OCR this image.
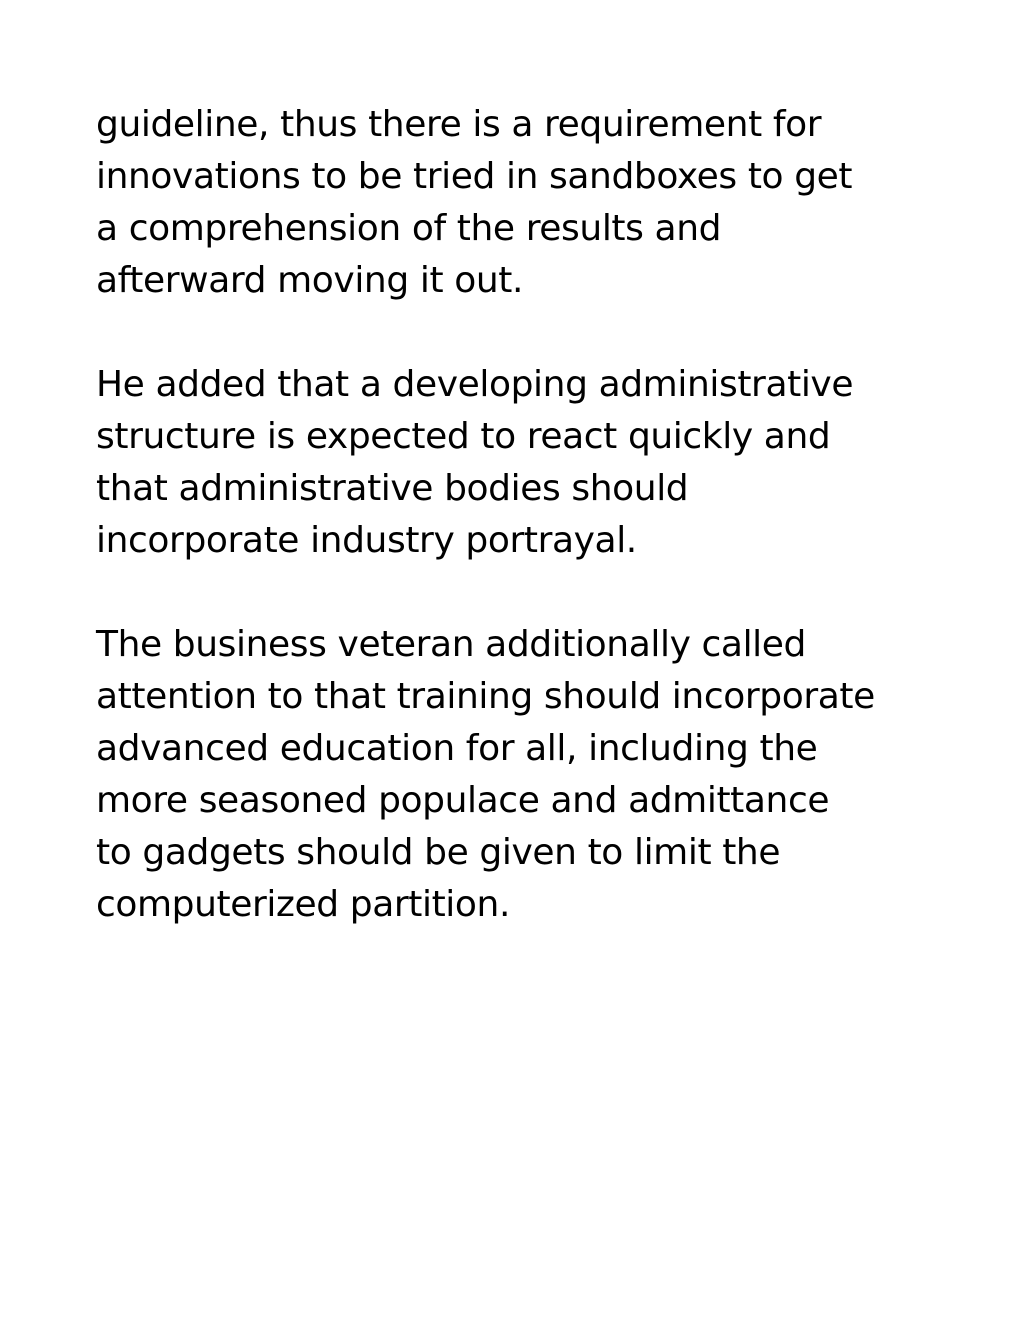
guideline, thus there is a requirement for
innovations to be tried in sandboxes to get
a comprehension of the results and
afterward moving it out.

He added that a developing administrative
structure is expected to react quickly and
that administrative bodies should
incorporate industry portrayal.

The business veteran additionally called
attention to that training should incorporate
advanced education for all, including the
more seasoned populace and admittance
to gadgets should be given to limit the
computerized partition.
